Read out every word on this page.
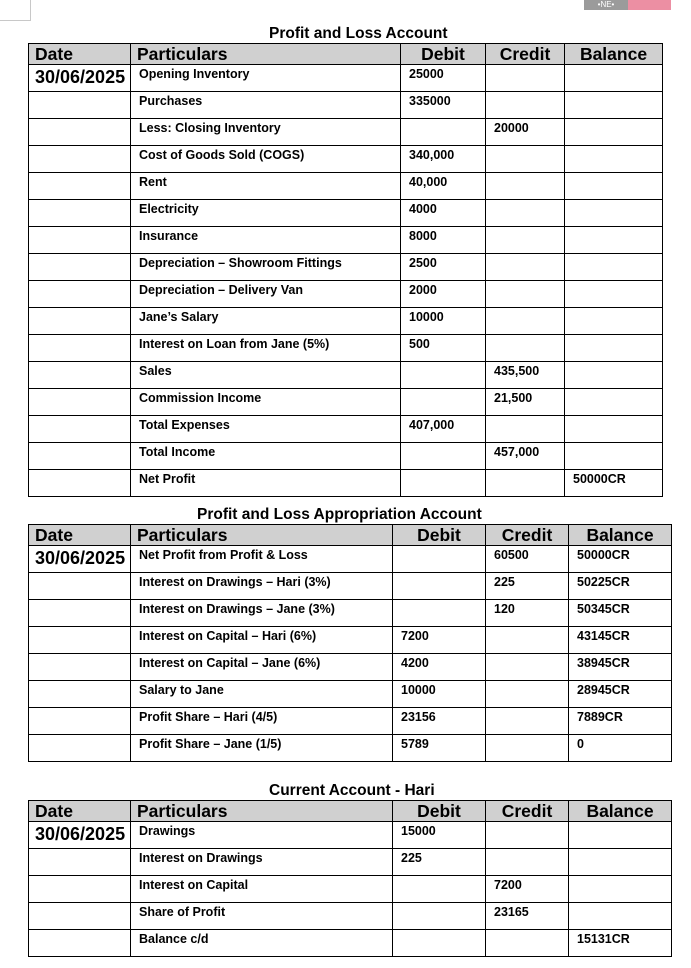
•NE•
Profit and Loss Account
Date	Particulars	Debit	Credit	Balance
30/06/2025	Opening Inventory	25000		
	Purchases	335000		
	Less: Closing Inventory		20000	
	Cost of Goods Sold (COGS)	340,000		
	Rent	40,000		
	Electricity	4000		
	Insurance	8000		
	Depreciation – Showroom Fittings	2500		
	Depreciation – Delivery Van	2000		
	Jane’s Salary	10000		
	Interest on Loan from Jane (5%)	500		
	Sales		435,500	
	Commission Income		21,500	
	Total Expenses	407,000		
	Total Income		457,000	
	Net Profit			50000CR
Profit and Loss Appropriation Account
Date	Particulars	Debit	Credit	Balance
30/06/2025	Net Profit from Profit & Loss		60500	50000CR
	Interest on Drawings – Hari (3%)		225	50225CR
	Interest on Drawings – Jane (3%)		120	50345CR
	Interest on Capital – Hari (6%)	7200		43145CR
	Interest on Capital – Jane (6%)	4200		38945CR
	Salary to Jane	10000		28945CR
	Profit Share – Hari (4/5)	23156		7889CR
	Profit Share – Jane (1/5)	5789		0
Current Account - Hari
Date	Particulars	Debit	Credit	Balance
30/06/2025	Drawings	15000		
	Interest on Drawings	225		
	Interest on Capital		7200	
	Share of Profit		23165	
	Balance c/d			15131CR
